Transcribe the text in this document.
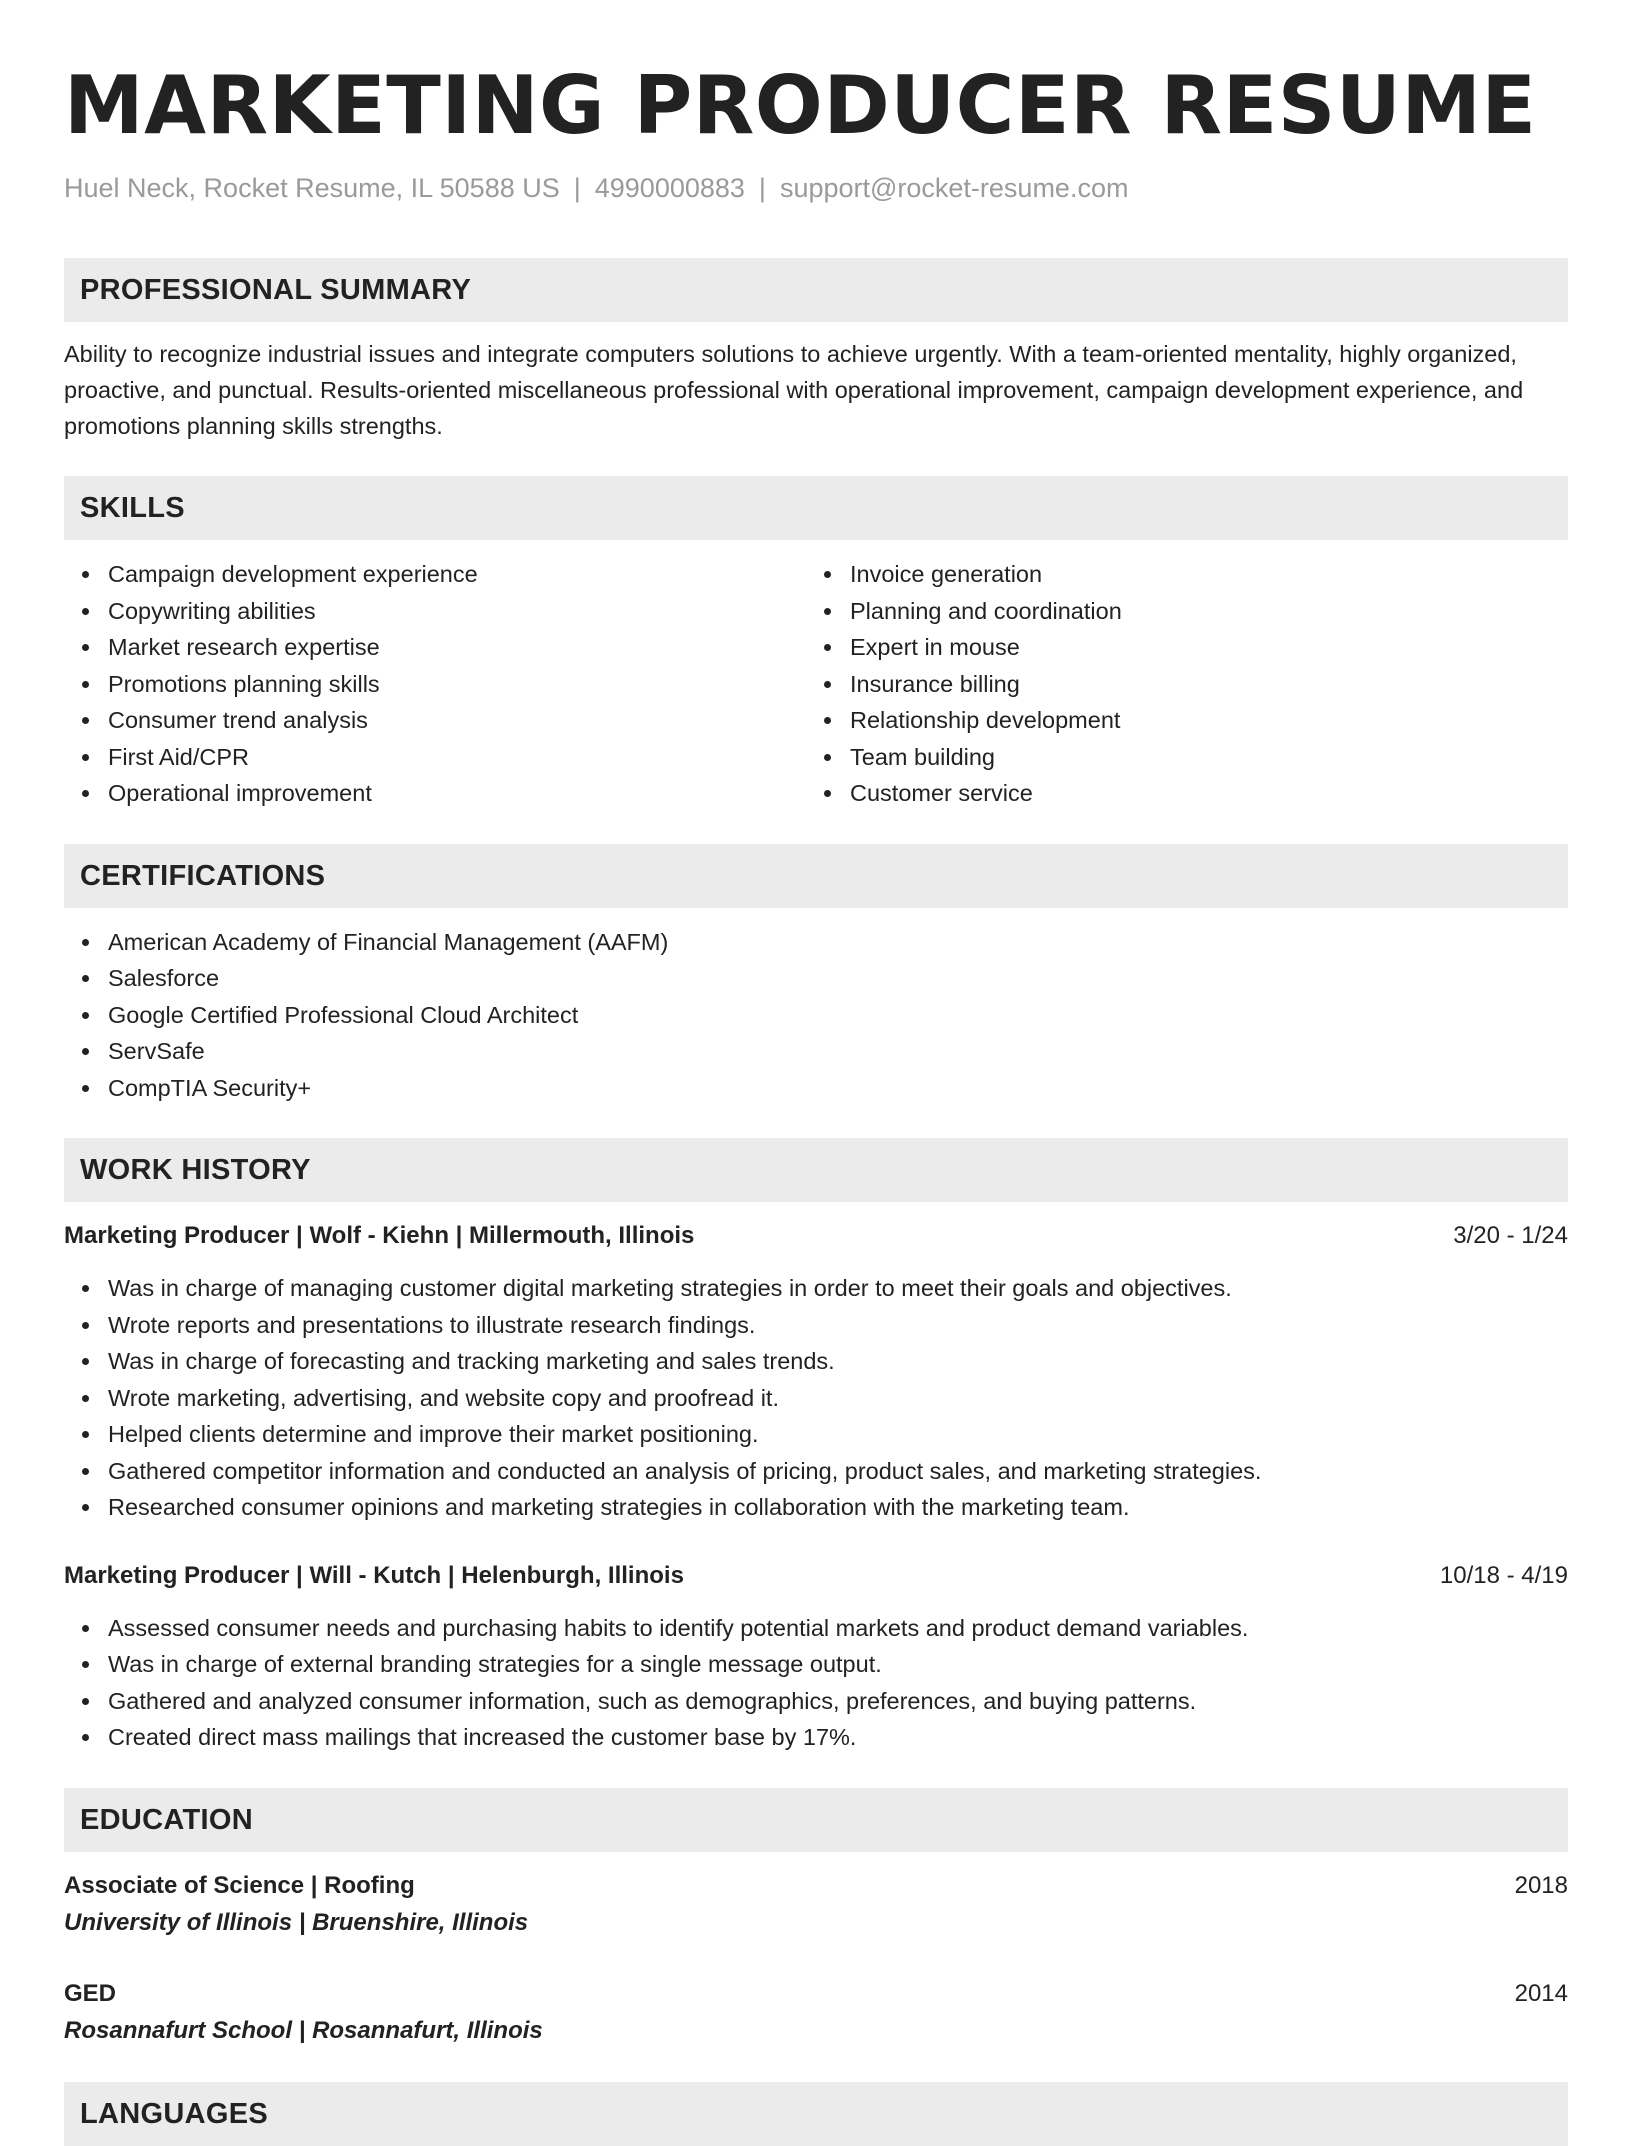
MARKETING PRODUCER RESUME
Huel Neck, Rocket Resume, IL 50588 US | 4990000883 | support@rocket-resume.com
PROFESSIONAL SUMMARY

Ability to recognize industrial issues and integrate computers solutions to achieve urgently. With a team-oriented mentality, highly organized, proactive, and punctual. Results-oriented miscellaneous professional with operational improvement, campaign development experience, and promotions planning skills strengths.

SKILLS
Campaign development experience
Copywriting abilities
Market research expertise
Promotions planning skills
Consumer trend analysis
First Aid/CPR
Operational improvement
Invoice generation
Planning and coordination
Expert in mouse
Insurance billing
Relationship development
Team building
Customer service
CERTIFICATIONS
American Academy of Financial Management (AAFM)
Salesforce
Google Certified Professional Cloud Architect
ServSafe
CompTIA Security+
WORK HISTORY
Marketing Producer | Wolf - Kiehn | Millermouth, Illinois	3/20 - 1/24
Was in charge of managing customer digital marketing strategies in order to meet their goals and objectives.
Wrote reports and presentations to illustrate research findings.
Was in charge of forecasting and tracking marketing and sales trends.
Wrote marketing, advertising, and website copy and proofread it.
Helped clients determine and improve their market positioning.
Gathered competitor information and conducted an analysis of pricing, product sales, and marketing strategies.
Researched consumer opinions and marketing strategies in collaboration with the marketing team.
Marketing Producer | Will - Kutch | Helenburgh, Illinois	10/18 - 4/19
Assessed consumer needs and purchasing habits to identify potential markets and product demand variables.
Was in charge of external branding strategies for a single message output.
Gathered and analyzed consumer information, such as demographics, preferences, and buying patterns.
Created direct mass mailings that increased the customer base by 17%.
EDUCATION
Associate of Science | Roofing	2018
University of Illinois | Bruenshire, Illinois
GED	2014
Rosannafurt School | Rosannafurt, Illinois
LANGUAGES
